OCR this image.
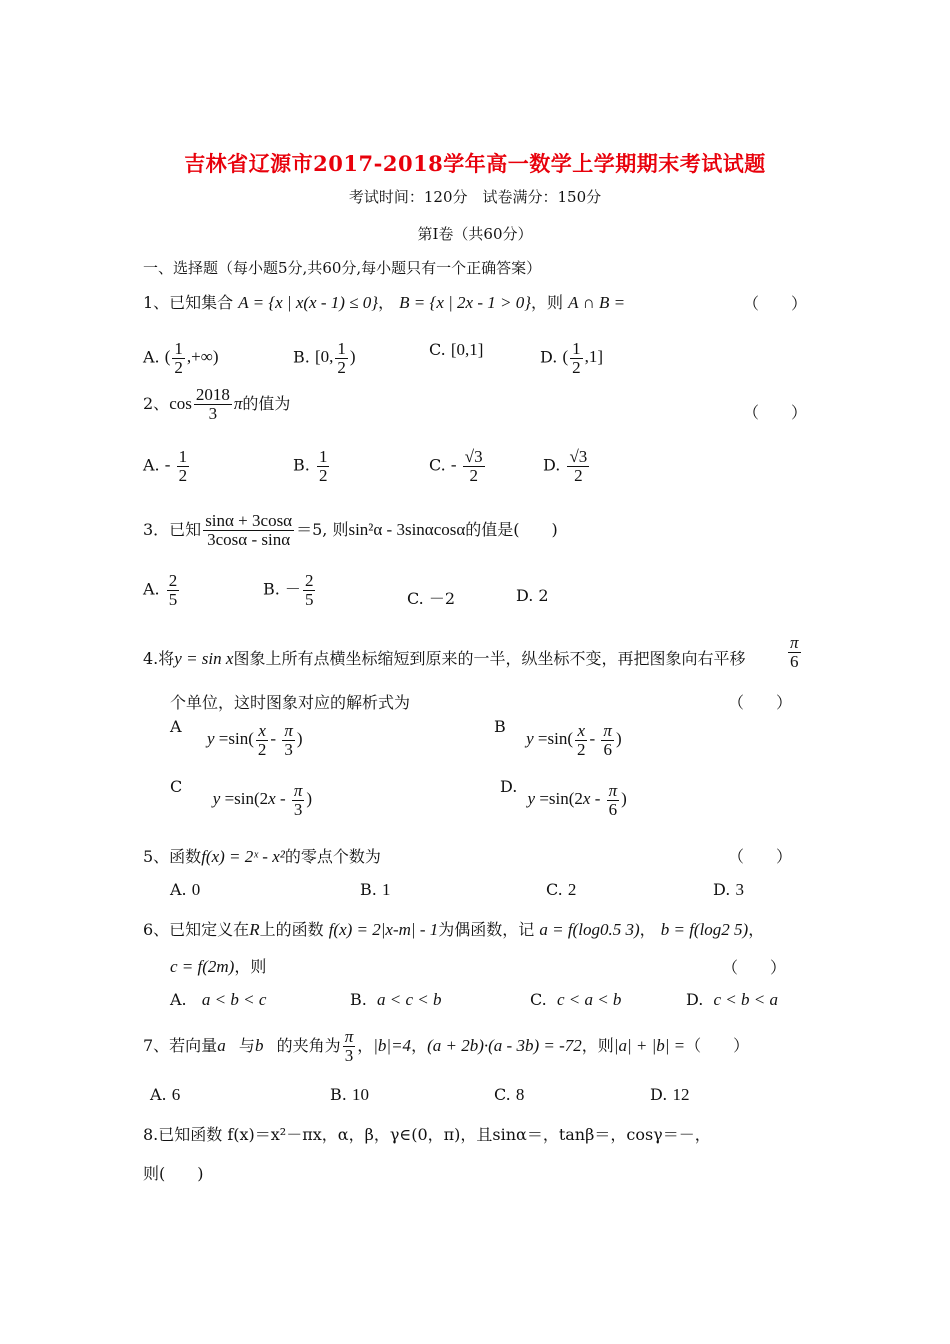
吉林省辽源市2017-2018学年高一数学上学期期末考试试题
考试时间：120分　试卷满分：150分
第Ⅰ卷（共60分）
一、选择题（每小题5分,共60分,每小题只有一个正确答案）
1、已知集合 A = {x | x(x - 1) ≤ 0}， B = {x | 2x - 1 > 0}，则 A ∩ B =	（　　）
A. ( $\frac{1}{2}$ ,+∞)	B. [0, $\frac{1}{2}$ )	C. [0,1]	D. ( $\frac{1}{2} ,1$]
2、$\cos \frac{2018}{3}$ π的值为	（　　）
A. - $\frac{1}{2}$	B. $\frac{1}{2}$	C. - $\frac{√3}{2}$	D. $\frac{√3}{2}$
3．已知 $\frac{\sin\alpha + 3\cos\alpha}{3\cos\alpha - \sin\alpha} =5$, 则sin²α - 3sinαcosα的值是(　　)
A. $\frac{2}{5}$	B. － $\frac{2}{5}$	C. －2	D. 2
4.将y = sin x图象上所有点横坐标缩短到原来的一半，纵坐标不变，再把图象向右平移	$\frac{\pi}{6}$
个单位，这时图象对应的解析式为	（　　）
A     $y =\sin( \frac{x}{2} - \frac{\pi}{3}$ )
B    $y =\sin( \frac{x}{2} - \frac{\pi}{6}$ )
C      $y =\sin(2x - \frac{\pi}{3}$ )
D.  $y =\sin(2x - \frac{\pi}{6}$ )
5、函数f(x) = 2ˣ - x²的零点个数为	（　　）
A. 0	B. 1	C. 2	D. 3
6、已知定义在R上的函数 f(x) = 2|x-m| - 1为偶函数，记 a = f(log0.5 3)， b = f(log2 5)，
c = f(2m)，则	（　　）
A. a < b < c	B. a < c < b	C. c < a < b	D. c < b < a
7、若向量a⃗与b⃗的夹角为 $\frac{\pi}{3}$ ，|b|=4，(a + 2b)·(a - 3b) = -72，则|a| + |b| =（　　）
A. 6	B. 10	C. 8	D. 12
8.已知函数 f(x)＝x²－πx，α，β，γ∈(0，π)，且sinα＝，tanβ＝，cosγ＝－，
则(　　)
